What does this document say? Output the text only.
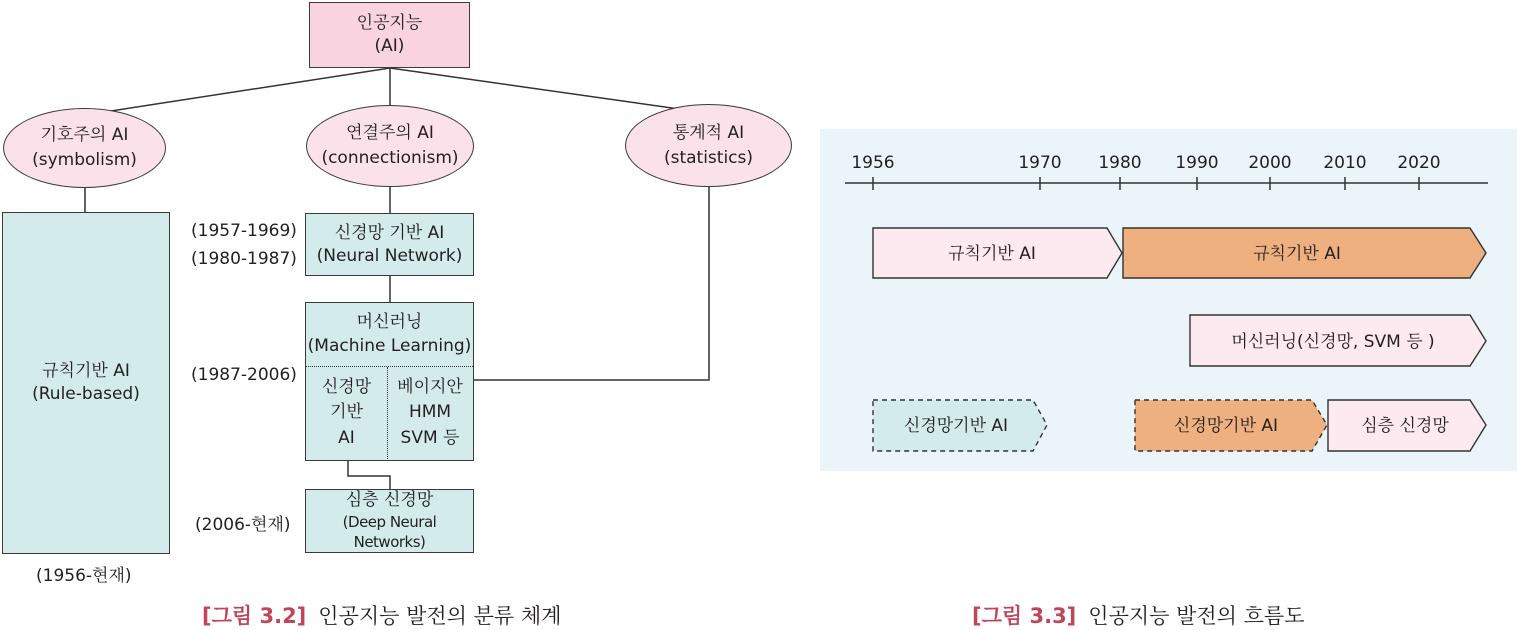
인공지능
(AI)
기호주의 AI
(symbolism)
연결주의 AI
(connectionism)
통계적 AI
(statistics)
규칙기반 AI
(Rule-based)
(1956-현재)
신경망 기반 AI
(Neural Network)
(1957-1969)
(1980-1987)
머신러닝
(Machine Learning)
신경망
기반
AI
베이지안
HMM
SVM 등
(1987-2006)
심층 신경망
(Deep Neural Networks)
(2006-현재)
[그림 3.2] 인공지능 발전의 분류 체계
1956	1970 1980 1990 2000 2010 2020
규칙기반 AI	규칙기반 AI
머신러닝(신경망, SVM 등 )
신경망기반 AI	신경망기반 AI	심층 신경망
[그림 3.3] 인공지능 발전의 흐름도
